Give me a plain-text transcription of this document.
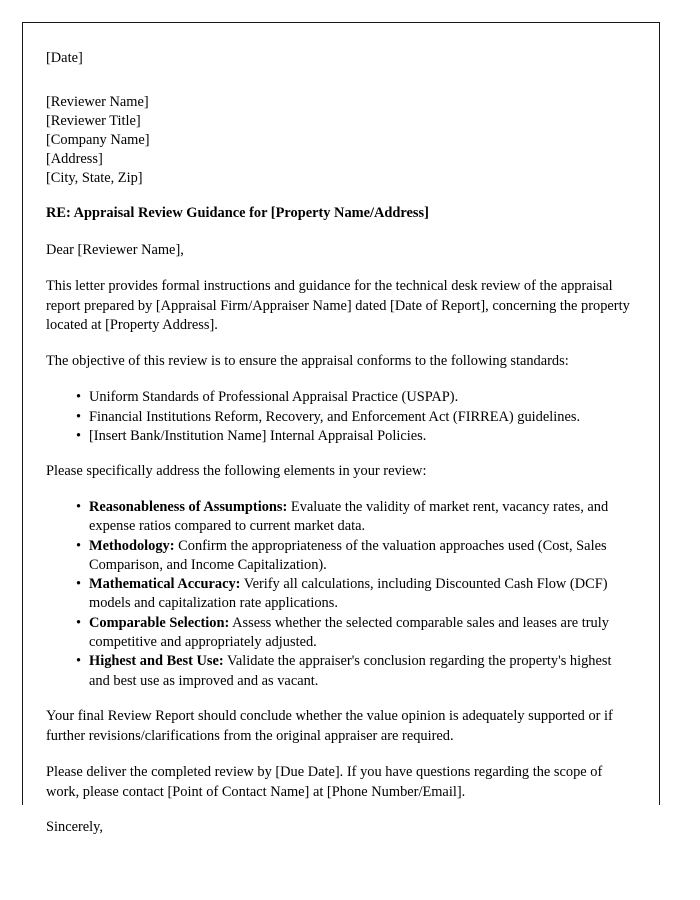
[Date]
[Reviewer Name]
[Reviewer Title]
[Company Name]
[Address]
[City, State, Zip]
RE: Appraisal Review Guidance for [Property Name/Address]
Dear [Reviewer Name],

This letter provides formal instructions and guidance for the technical desk review of the appraisal report prepared by [Appraisal Firm/Appraiser Name] dated [Date of Report], concerning the property located at [Property Address].

The objective of this review is to ensure the appraisal conforms to the following standards:

• Uniform Standards of Professional Appraisal Practice (USPAP).
• Financial Institutions Reform, Recovery, and Enforcement Act (FIRREA) guidelines.
• [Insert Bank/Institution Name] Internal Appraisal Policies.

Please specifically address the following elements in your review:

• Reasonableness of Assumptions: Evaluate the validity of market rent, vacancy rates, and expense ratios compared to current market data.
• Methodology: Confirm the appropriateness of the valuation approaches used (Cost, Sales Comparison, and Income Capitalization).
• Mathematical Accuracy: Verify all calculations, including Discounted Cash Flow (DCF) models and capitalization rate applications.
• Comparable Selection: Assess whether the selected comparable sales and leases are truly competitive and appropriately adjusted.
• Highest and Best Use: Validate the appraiser's conclusion regarding the property's highest and best use as improved and as vacant.

Your final Review Report should conclude whether the value opinion is adequately supported or if further revisions/clarifications from the original appraiser are required.

Please deliver the completed review by [Due Date]. If you have questions regarding the scope of work, please contact [Point of Contact Name] at [Phone Number/Email].

Sincerely,
